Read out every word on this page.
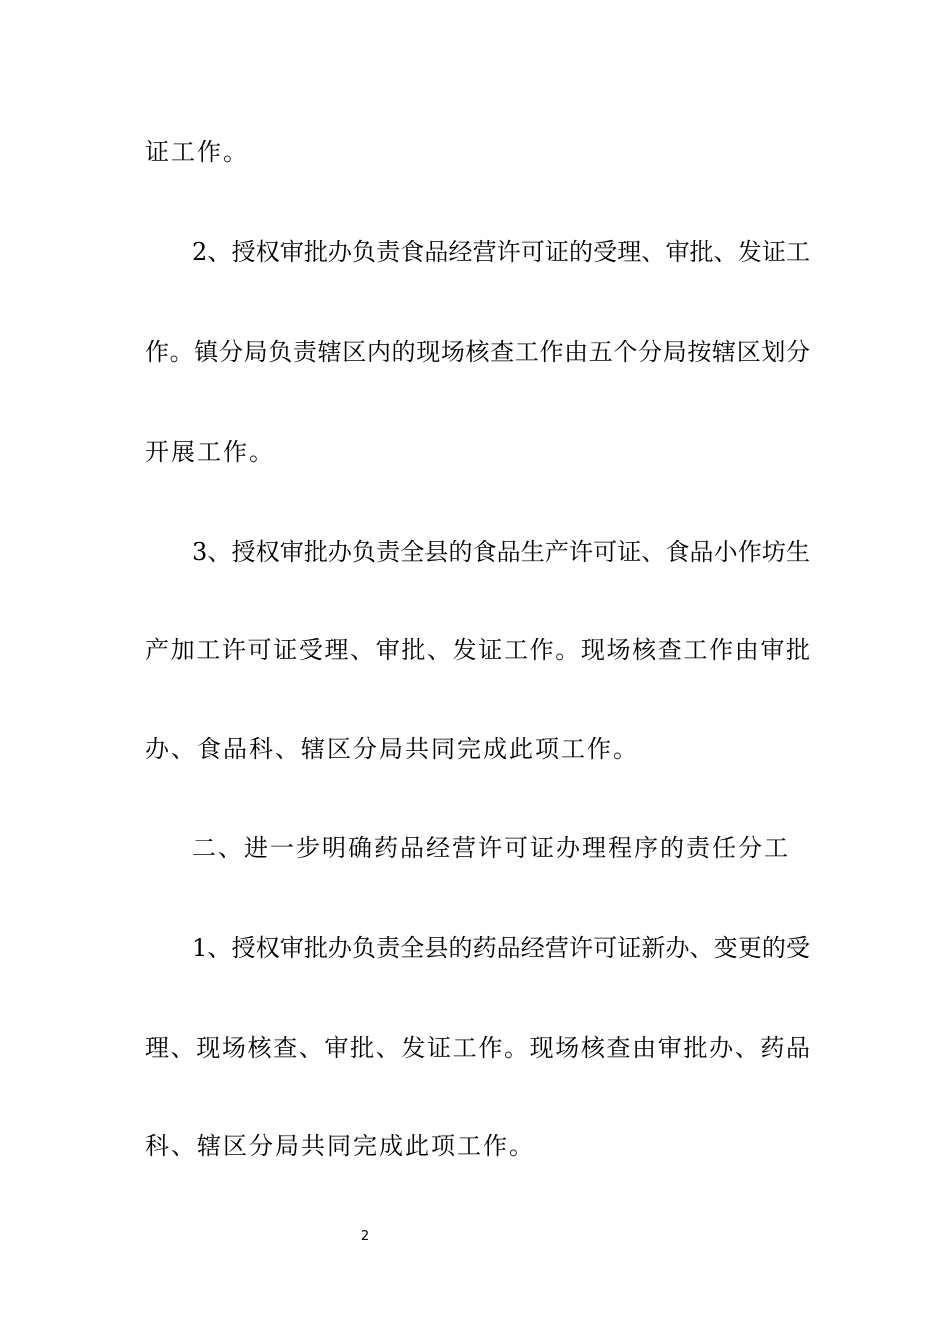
证工作。
2、授权审批办负责食品经营许可证的受理、审批、发证工
作。镇分局负责辖区内的现场核查工作由五个分局按辖区划分
开展工作。
3、授权审批办负责全县的食品生产许可证、食品小作坊生
产加工许可证受理、审批、发证工作。现场核查工作由审批
办、食品科、辖区分局共同完成此项工作。
二、进一步明确药品经营许可证办理程序的责任分工
1、授权审批办负责全县的药品经营许可证新办、变更的受
理、现场核查、审批、发证工作。现场核查由审批办、药品
科、辖区分局共同完成此项工作。
2
